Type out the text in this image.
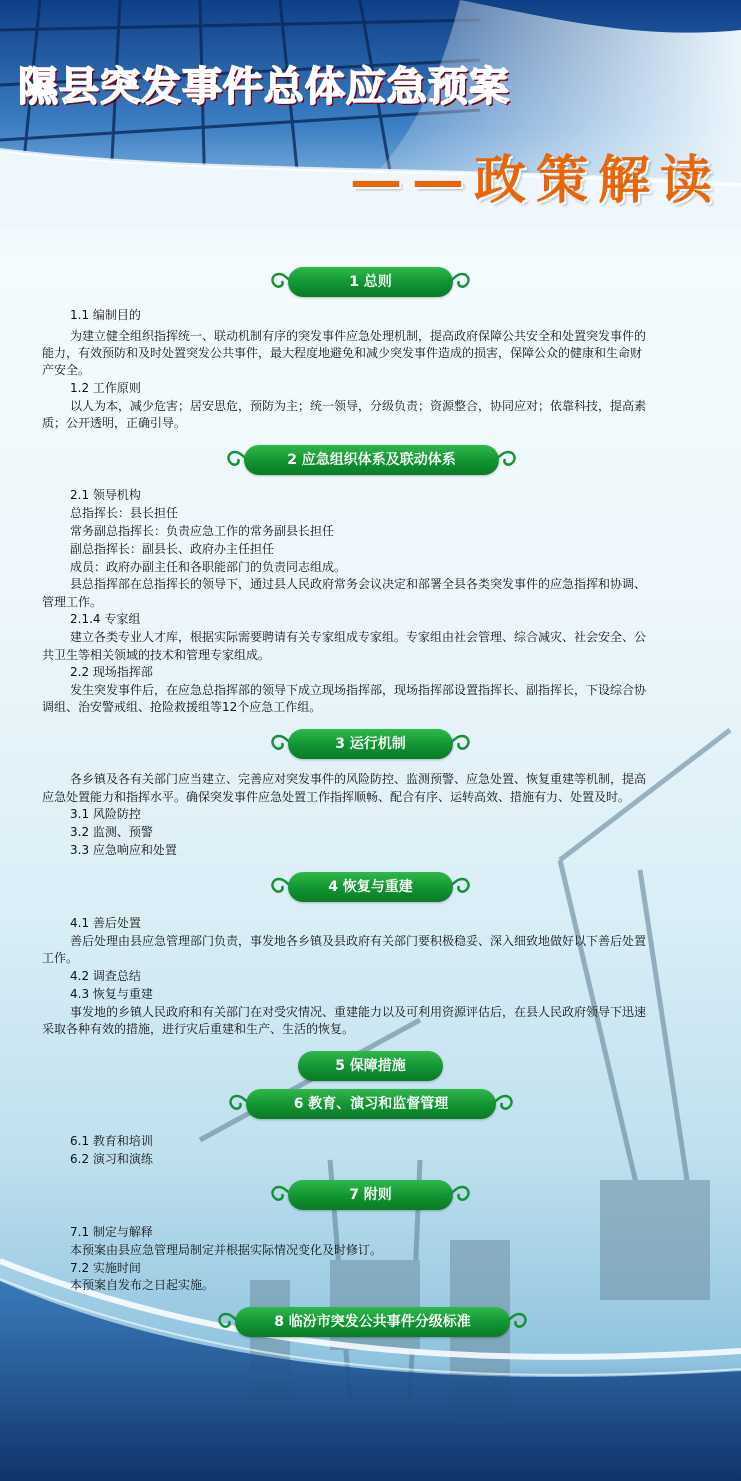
隰县突发事件总体应急预案
——政策解读
1 总则

1.1 编制目的

为建立健全组织指挥统一、联动机制有序的突发事件应急处理机制，提高政府保障公共安全和处置突发事件的

能力，有效预防和及时处置突发公共事件，最大程度地避免和减少突发事件造成的损害，保障公众的健康和生命财

产安全。

1.2 工作原则

以人为本，减少危害；居安思危，预防为主；统一领导，分级负责；资源整合，协同应对；依靠科技，提高素

质；公开透明，正确引导。

2 应急组织体系及联动体系

2.1 领导机构

总指挥长：县长担任

常务副总指挥长：负责应急工作的常务副县长担任

副总指挥长：副县长、政府办主任担任

成员：政府办副主任和各职能部门的负责同志组成。

县总指挥部在总指挥长的领导下，通过县人民政府常务会议决定和部署全县各类突发事件的应急指挥和协调、

管理工作。

2.1.4 专家组

建立各类专业人才库，根据实际需要聘请有关专家组成专家组。专家组由社会管理、综合减灾、社会安全、公

共卫生等相关领域的技术和管理专家组成。

2.2 现场指挥部

发生突发事件后，在应急总指挥部的领导下成立现场指挥部，现场指挥部设置指挥长、副指挥长，下设综合协

调组、治安警戒组、抢险救援组等12个应急工作组。

3 运行机制

各乡镇及各有关部门应当建立、完善应对突发事件的风险防控、监测预警、应急处置、恢复重建等机制，提高

应急处置能力和指挥水平。确保突发事件应急处置工作指挥顺畅、配合有序、运转高效、措施有力、处置及时。

3.1 风险防控

3.2 监测、预警

3.3 应急响应和处置

4 恢复与重建

4.1 善后处置

善后处理由县应急管理部门负责，事发地各乡镇及县政府有关部门要积极稳妥、深入细致地做好以下善后处置

工作。

4.2 调查总结

4.3 恢复与重建

事发地的乡镇人民政府和有关部门在对受灾情况、重建能力以及可利用资源评估后，在县人民政府领导下迅速

采取各种有效的措施，进行灾后重建和生产、生活的恢复。

5 保障措施
6 教育、演习和监督管理

6.1 教育和培训

6.2 演习和演练

7 附则

7.1 制定与解释

本预案由县应急管理局制定并根据实际情况变化及时修订。

7.2 实施时间

本预案自发布之日起实施。

8 临汾市突发公共事件分级标准
